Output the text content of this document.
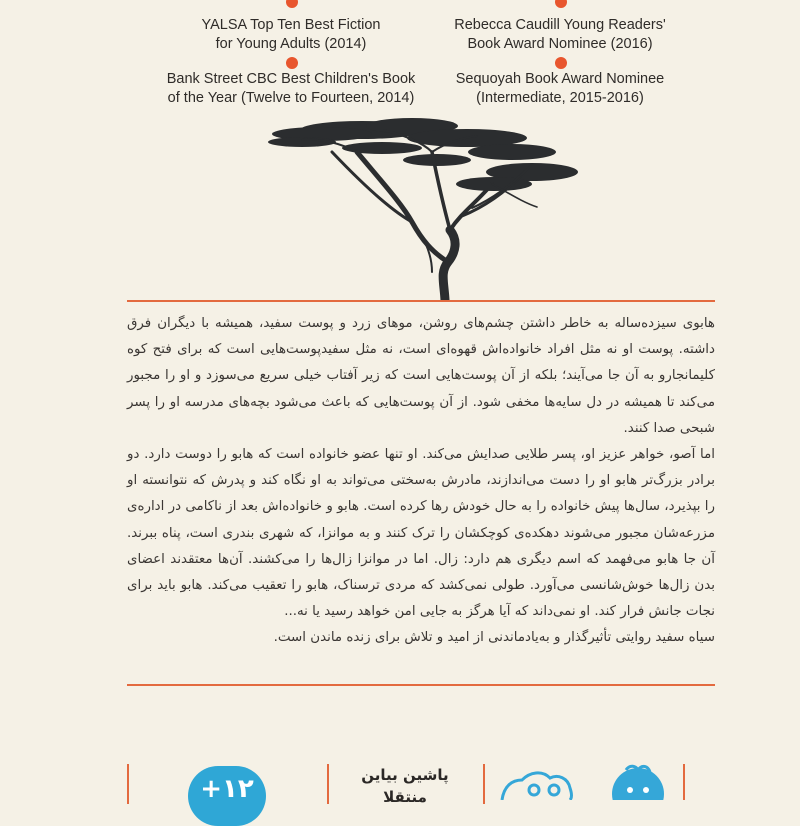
YALSA Top Ten Best Fiction
for Young Adults (2014)
Rebecca Caudill Young Readers'
Book Award Nominee (2016)
Bank Street CBC Best Children's Book
of the Year (Twelve to Fourteen, 2014)
Sequoyah Book Award Nominee
(Intermediate, 2015-2016)

هابوی سیزده‌ساله به خاطر داشتن چشم‌های روشن، موهای زرد و پوست سفید، همیشه با دیگران فرق داشته. پوست او نه مثل افراد خانواده‌اش قهوه‌ای است، نه مثل سفیدپوست‌هایی است که برای فتح کوه کلیمانجارو به آن جا می‌آیند؛ بلکه از آن پوست‌هایی است که زیر آفتاب خیلی سریع می‌سوزد و او را مجبور می‌کند تا همیشه در دل سایه‌ها مخفی شود. از آن پوست‌هایی که باعث می‌شود بچه‌های مدرسه او را پسر شبحی صدا کنند.

اما آصو، خواهر عزیز او، پسر طلایی صدایش می‌کند. او تنها عضو خانواده است که هابو را دوست دارد. دو برادر بزرگ‌تر هابو او را دست می‌اندازند، مادرش به‌سختی می‌تواند به او نگاه کند و پدرش که نتوانسته او را بپذیرد، سال‌ها پیش خانواده را به حال خودش رها کرده است. هابو و خانواده‌اش بعد از ناکامی در اداره‌ی مزرعه‌شان مجبور می‌شوند دهکده‌ی کوچکشان را ترک کنند و به موانزا، که شهری بندری است، پناه ببرند. آن جا هابو می‌فهمد که اسم دیگری هم دارد: زال. اما در موانزا زال‌ها را می‌کشند. آن‌ها معتقدند اعضای بدن زال‌ها خوش‌شانسی می‌آورد. طولی نمی‌کشد که مردی ترسناک، هابو را تعقیب می‌کند. هابو باید برای نجات جانش فرار کند. او نمی‌داند که آیا هرگز به جایی امن خواهد رسید یا نه...

سیاه سفید روایتی تأثیرگذار و به‌یادماندنی از امید و تلاش برای زنده ماندن است.

+۱۲	پاشین بیاین
منتقلا
